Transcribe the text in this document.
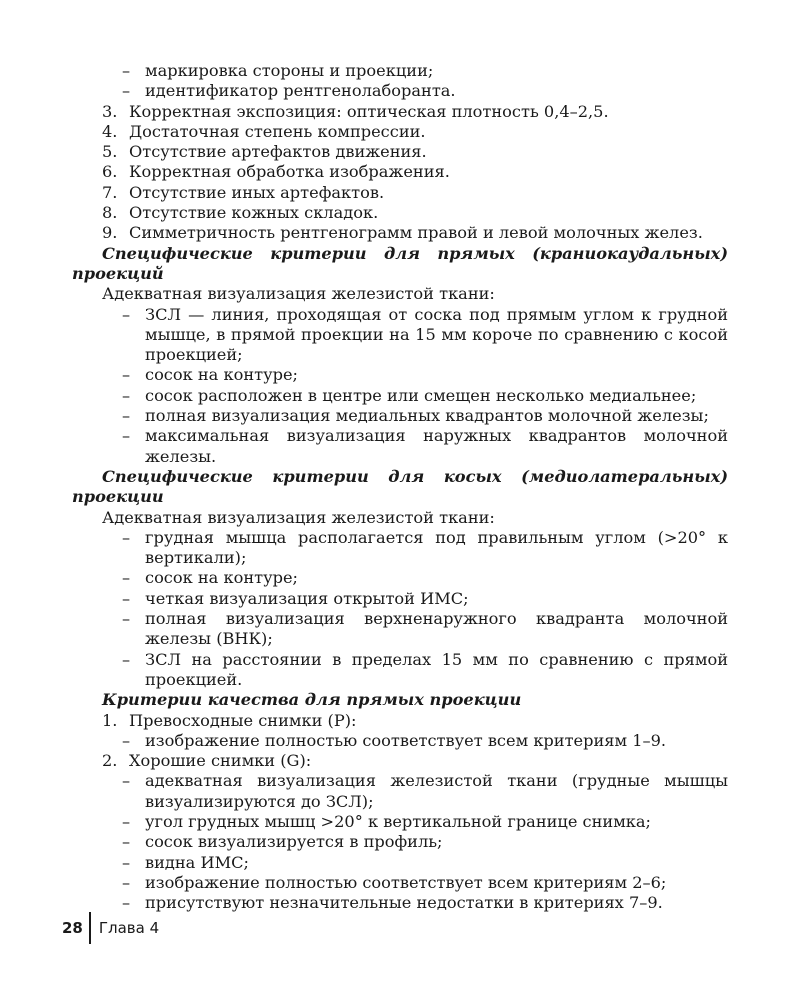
– маркировка стороны и проекции;
– идентификатор рентгенолаборанта.
3. Корректная экспозиция: оптическая плотность 0,4–2,5.
4. Достаточная степень компрессии.
5. Отсутствие артефактов движения.
6. Корректная обработка изображения.
7. Отсутствие иных артефактов.
8. Отсутствие кожных складок.
9. Симметричность рентгенограмм правой и левой молочных желез.
Специфические критерии для прямых (краниокаудальных) проекций
Адекватная визуализация железистой ткани:
– ЗСЛ — линия, проходящая от соска под прямым углом к грудной мышце, в прямой проекции на 15 мм короче по сравнению с косой проекцией;
– сосок на контуре;
– сосок расположен в центре или смещен несколько медиальнее;
– полная визуализация медиальных квадрантов молочной железы;
– максимальная визуализация наружных квадрантов молочной железы.
Специфические критерии для косых (медиолатеральных) проекции
Адекватная визуализация железистой ткани:
– грудная мышца располагается под правильным углом (>20° к вертикали);
– сосок на контуре;
– четкая визуализация открытой ИМС;
– полная визуализация верхненаружного квадранта молочной железы (ВНК);
– ЗСЛ на расстоянии в пределах 15 мм по сравнению с прямой проекцией.
Критерии качества для прямых проекции
1. Превосходные снимки (P):
– изображение полностью соответствует всем критериям 1–9.
2. Хорошие снимки (G):
– адекватная визуализация железистой ткани (грудные мышцы визуализируются до ЗСЛ);
– угол грудных мышц >20° к вертикальной границе снимка;
– сосок визуализируется в профиль;
– видна ИМС;
– изображение полностью соответствует всем критериям 2–6;
– присутствуют незначительные недостатки в критериях 7–9.
28	Глава 4
